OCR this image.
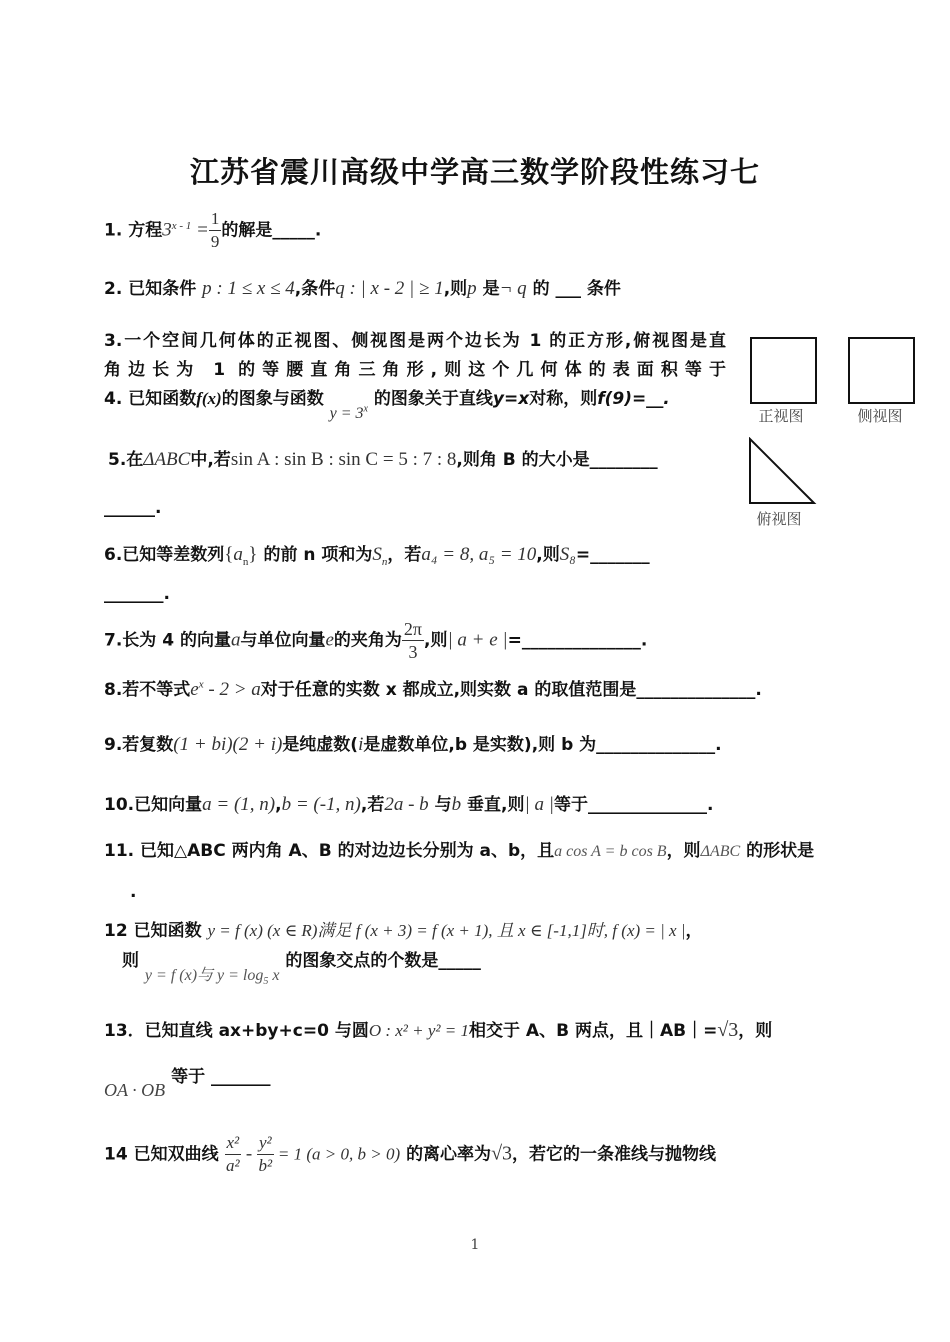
江苏省震川高级中学高三数学阶段性练习七
1. 方程$3^{x - 1} = \frac{1}{9}$ 的解是_____.
2. 已知条件 p : 1 ≤ x ≤ 4,条件q : | x - 2 | ≥ 1,则p 是¬ q 的 ___ 条件
3.一个空间几何体的正视图、侧视图是两个边长为 1 的正方形,俯视图是直
角边长为 1 的等腰直角三角形,则这个几何体的表面积等于
4. 已知函数f(x)的图象与函数 $y = 3^x$ 的图象关于直线y=x对称，则f(9)=__.
正视图	侧视图
俯视图
5.在ΔABC中,若sin A : sin B : sin C = 5 : 7 : 8,则角 B 的大小是________
______.
6.已知等差数列$\{a_n\}$ 的前 n 项和为$S_n$，若a₄ = 8, a₅ = 10,则S₈=_______
_______.
7.长为 4 的向量a与单位向量e的夹角为 $\frac{2\pi}{3}$ ,则| a + e |=______________.
8.若不等式$e^x - 2 > a$对于任意的实数 x 都成立,则实数 a 的取值范围是______________.
9.若复数(1 + bi)(2 + i)是纯虚数(i是虚数单位,b 是实数),则 b 为______________.
10.已知向量a = (1, n),b = (-1, n),若2a - b 与b 垂直,则| a |等于______________.
11. 已知△ABC 两内角 A、B 的对边边长分别为 a、b，且a cos A = b cos B，则ΔABC 的形状是
.
12 已知函数 y = f (x) (x ∈ R)满足 f (x + 3) = f (x + 1), 且 x ∈ [-1,1]时, f (x) = | x |，
则 y = f (x)与 $y = \log_5 x$ 的图象交点的个数是_____
13．已知直线 ax+by+c=0 与圆O : x² + y² = 1相交于 A、B 两点，且｜AB｜=√3，则
OA · OB 等于 _______
14 已知双曲线 $\frac{\text{x²}}{\text{a²}} - \frac{\text{y²}}{\text{b²}} = 1$ (a > 0, b > 0) 的离心率为√3，若它的一条准线与抛物线
1
